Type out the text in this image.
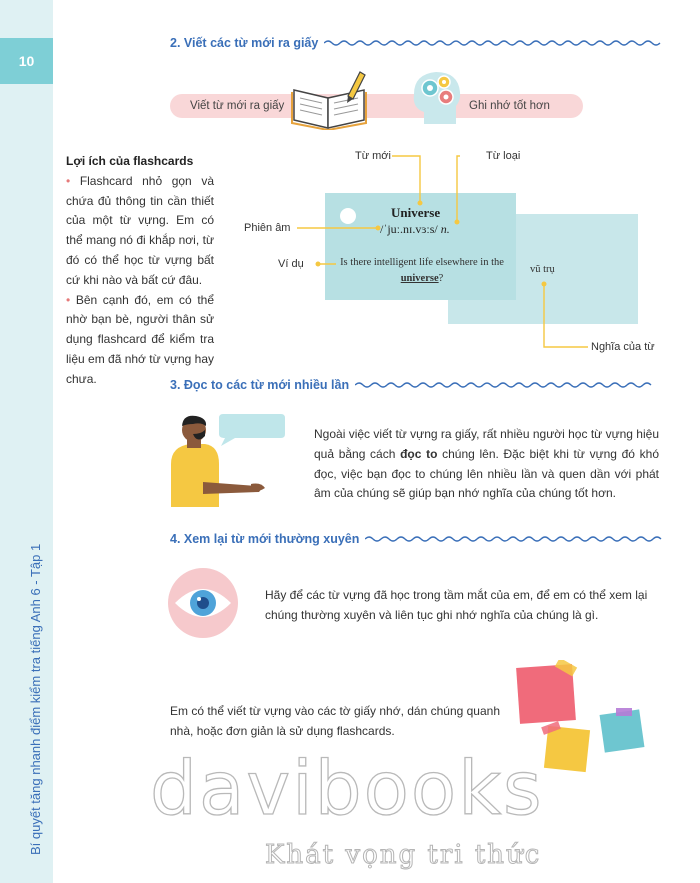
10
Bí quyết tăng nhanh điểm kiểm tra tiếng Anh 6 - Tập 1
2. Viết các từ mới ra giấy
Viết từ mới ra giấy	Ghi nhớ tốt hơn
Lợi ích của flashcards
• Flashcard nhỏ gọn và chứa đủ thông tin cần thiết của một từ vựng. Em có thể mang nó đi khắp nơi, từ đó có thể học từ vựng bất cứ khi nào và bất cứ đâu.
• Bên cạnh đó, em có thể nhờ bạn bè, người thân sử dụng flashcard để kiểm tra liệu em đã nhớ từ vựng hay chưa.
Universe
/ˈjuː.nɪ.vɜːs/ n.
Is there intelligent life elsewhere in the universe?
vũ trụ
Từ mới	Từ loại
Phiên âm
Ví dụ
Nghĩa của từ
3. Đọc to các từ mới nhiều lần
Ngoài việc viết từ vựng ra giấy, rất nhiều người học từ vựng hiệu quả bằng cách đọc to chúng lên. Đặc biệt khi từ vựng đó khó đọc, việc bạn đọc to chúng lên nhiều lần và quen dần với phát âm của chúng sẽ giúp bạn nhớ nghĩa của chúng tốt hơn.
4. Xem lại từ mới thường xuyên
Hãy để các từ vựng đã học trong tầm mắt của em, để em có thể xem lại chúng thường xuyên và liên tục ghi nhớ nghĩa của chúng là gì.
Em có thể viết từ vựng vào các tờ giấy nhớ, dán chúng quanh nhà, hoặc đơn giản là sử dụng flashcards.
davibooks
Khát vọng tri thức
